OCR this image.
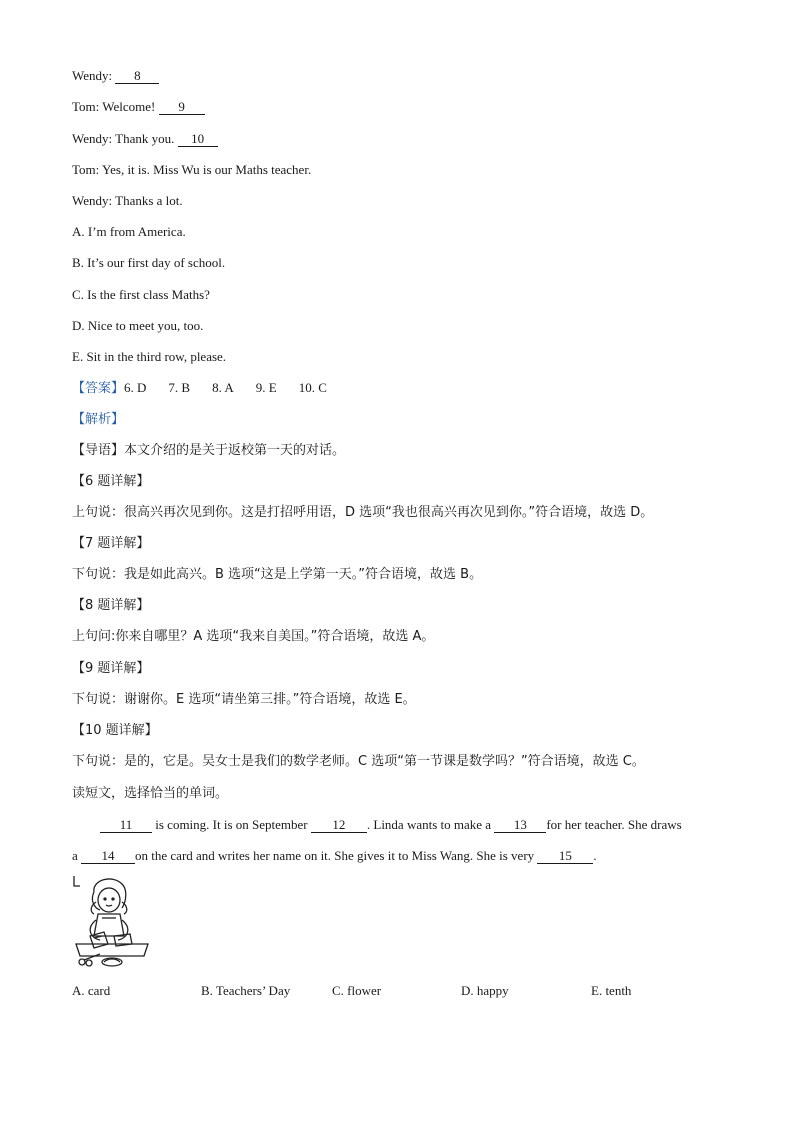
Wendy: 8
Tom: Welcome! 9
Wendy: Thank you. 10
Tom: Yes, it is. Miss Wu is our Maths teacher.
Wendy: Thanks a lot.
A. I’m from America.
B. It’s our first day of school.
C. Is the first class Maths?
D. Nice to meet you, too.
E. Sit in the third row, please.
【答案】6. D 7. B 8. A 9. E 10. C
【解析】
【导语】本文介绍的是关于返校第一天的对话。
【6 题详解】
上句说：很高兴再次见到你。这是打招呼用语，D 选项“我也很高兴再次见到你。”符合语境，故选 D。
【7 题详解】
下句说：我是如此高兴。B 选项“这是上学第一天。”符合语境，故选 B。
【8 题详解】
上句问:你来自哪里？A 选项“我来自美国。”符合语境，故选 A。
【9 题详解】
下句说：谢谢你。E 选项“请坐第三排。”符合语境，故选 E。
【10 题详解】
下句说：是的，它是。吴女士是我们的数学老师。C 选项“第一节课是数学吗？”符合语境，故选 C。
读短文，选择恰当的单词。
11 is coming. It is on September 12 . Linda wants to make a 13 for her teacher. She draws
a 14 on the card and writes her name on it. She gives it to Miss Wang. She is very 15 .
A. card	B. Teachers’ Day	C. flower	D. happy	E. tenth
